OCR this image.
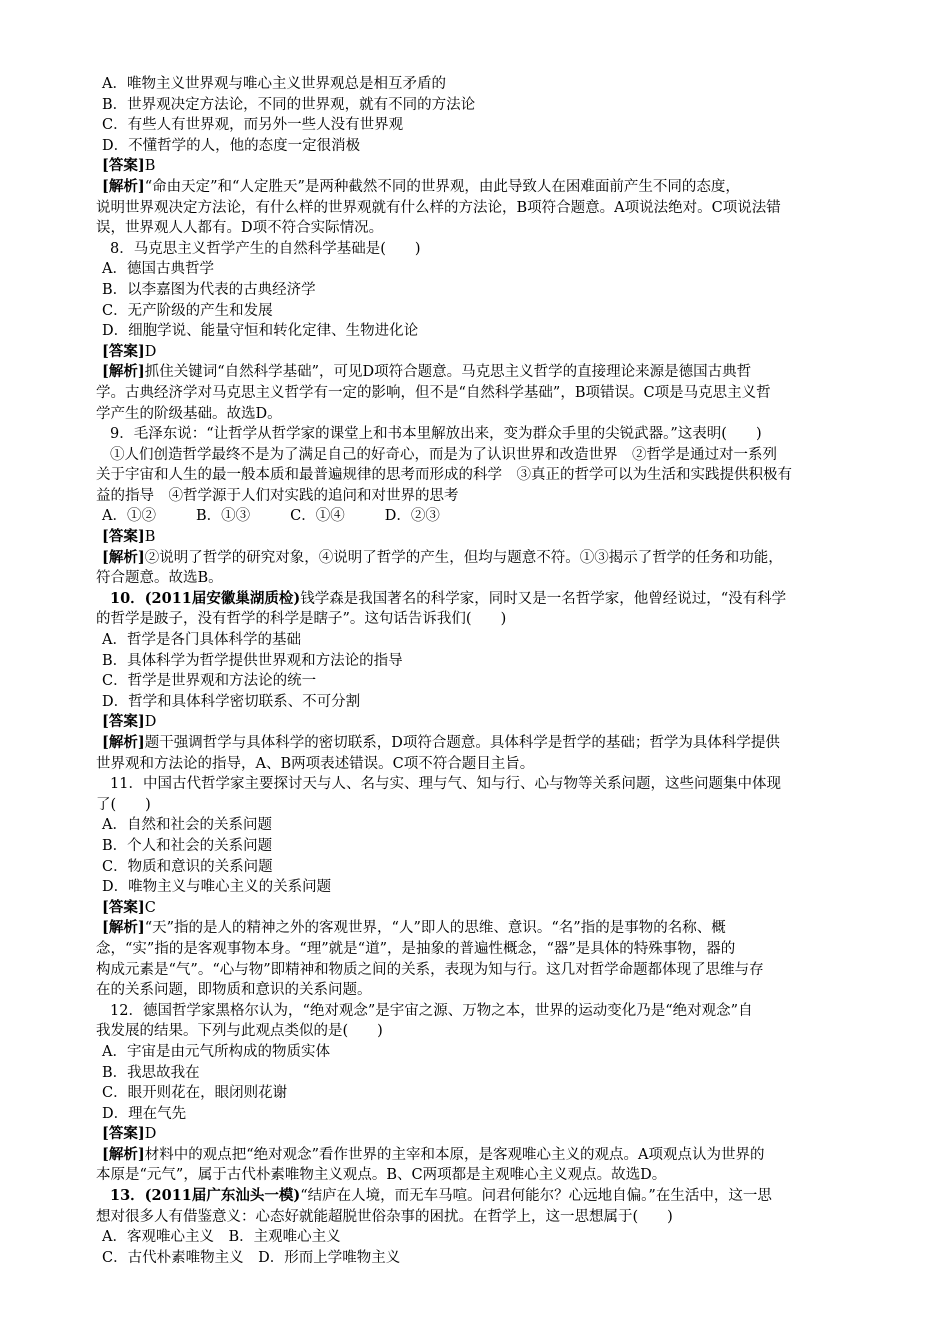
A．唯物主义世界观与唯心主义世界观总是相互矛盾的
B．世界观决定方法论，不同的世界观，就有不同的方法论
C．有些人有世界观，而另外一些人没有世界观
D．不懂哲学的人，他的态度一定很消极
[答案]B
[解析]“命由天定”和“人定胜天”是两种截然不同的世界观，由此导致人在困难面前产生不同的态度，
说明世界观决定方法论，有什么样的世界观就有什么样的方法论，B项符合题意。A项说法绝对。C项说法错
误，世界观人人都有。D项不符合实际情况。
8．马克思主义哲学产生的自然科学基础是(　　)
A．德国古典哲学
B．以李嘉图为代表的古典经济学
C．无产阶级的产生和发展
D．细胞学说、能量守恒和转化定律、生物进化论
[答案]D
[解析]抓住关键词“自然科学基础”，可见D项符合题意。马克思主义哲学的直接理论来源是德国古典哲
学。古典经济学对马克思主义哲学有一定的影响，但不是“自然科学基础”，B项错误。C项是马克思主义哲
学产生的阶级基础。故选D。
9．毛泽东说：“让哲学从哲学家的课堂上和书本里解放出来，变为群众手里的尖锐武器。”这表明(　　)
①人们创造哲学最终不是为了满足自己的好奇心，而是为了认识世界和改造世界　②哲学是通过对一系列
关于宇宙和人生的最一般本质和最普遍规律的思考而形成的科学　③真正的哲学可以为生活和实践提供积极有
益的指导　④哲学源于人们对实践的追问和对世界的思考
A．①②	B．①③	C．①④	D．②③
[答案]B
[解析]②说明了哲学的研究对象，④说明了哲学的产生，但均与题意不符。①③揭示了哲学的任务和功能，
符合题意。故选B。
10．(2011届安徽巢湖质检)钱学森是我国著名的科学家，同时又是一名哲学家，他曾经说过，“没有科学
的哲学是跛子，没有哲学的科学是瞎子”。这句话告诉我们(　　)
A．哲学是各门具体科学的基础
B．具体科学为哲学提供世界观和方法论的指导
C．哲学是世界观和方法论的统一
D．哲学和具体科学密切联系、不可分割
[答案]D
[解析]题干强调哲学与具体科学的密切联系，D项符合题意。具体科学是哲学的基础；哲学为具体科学提供
世界观和方法论的指导，A、B两项表述错误。C项不符合题目主旨。
11．中国古代哲学家主要探讨天与人、名与实、理与气、知与行、心与物等关系问题，这些问题集中体现
了(　　)
A．自然和社会的关系问题
B．个人和社会的关系问题
C．物质和意识的关系问题
D．唯物主义与唯心主义的关系问题
[答案]C
[解析]“天”指的是人的精神之外的客观世界，“人”即人的思维、意识。“名”指的是事物的名称、概
念，“实”指的是客观事物本身。“理”就是“道”，是抽象的普遍性概念，“器”是具体的特殊事物，器的
构成元素是“气”。“心与物”即精神和物质之间的关系，表现为知与行。这几对哲学命题都体现了思维与存
在的关系问题，即物质和意识的关系问题。
12．德国哲学家黑格尔认为，“绝对观念”是宇宙之源、万物之本，世界的运动变化乃是“绝对观念”自
我发展的结果。下列与此观点类似的是(　　)
A．宇宙是由元气所构成的物质实体
B．我思故我在
C．眼开则花在，眼闭则花谢
D．理在气先
[答案]D
[解析]材料中的观点把“绝对观念”看作世界的主宰和本原，是客观唯心主义的观点。A项观点认为世界的
本原是“元气”，属于古代朴素唯物主义观点。B、C两项都是主观唯心主义观点。故选D。
13．(2011届广东汕头一模)“结庐在人境，而无车马喧。问君何能尔？心远地自偏。”在生活中，这一思
想对很多人有借鉴意义：心态好就能超脱世俗杂事的困扰。在哲学上，这一思想属于(　　)
A．客观唯心主义　B．主观唯心主义
C．古代朴素唯物主义　D．形而上学唯物主义
